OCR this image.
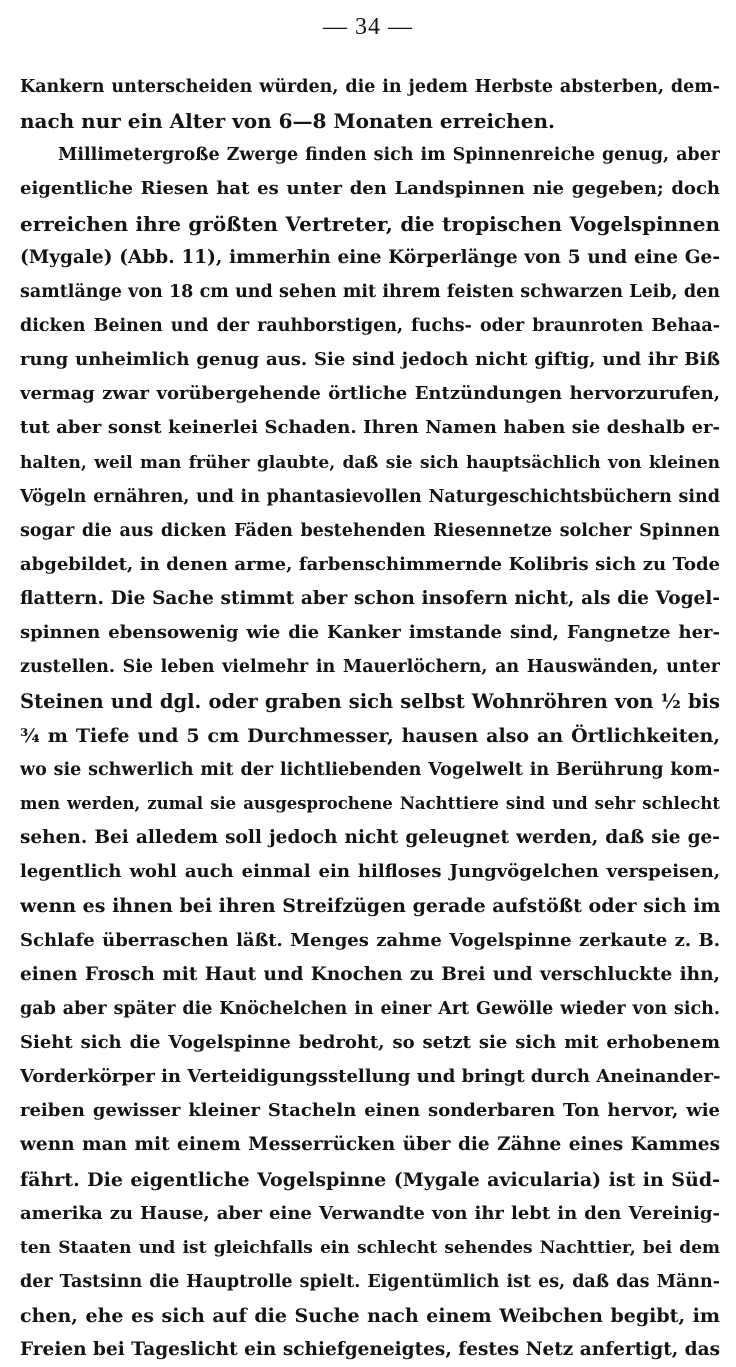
— 34 —
Kankern unterscheiden würden, die in jedem Herbste absterben, dem-
nach nur ein Alter von 6—8 Monaten erreichen.
Millimetergroße Zwerge finden sich im Spinnenreiche genug, aber
eigentliche Riesen hat es unter den Landspinnen nie gegeben; doch
erreichen ihre größten Vertreter, die tropischen Vogelspinnen
(Mygale) (Abb. 11), immerhin eine Körperlänge von 5 und eine Ge-
samtlänge von 18 cm und sehen mit ihrem feisten schwarzen Leib, den
dicken Beinen und der rauhborstigen, fuchs- oder braunroten Behaa-
rung unheimlich genug aus. Sie sind jedoch nicht giftig, und ihr Biß
vermag zwar vorübergehende örtliche Entzündungen hervorzurufen,
tut aber sonst keinerlei Schaden. Ihren Namen haben sie deshalb er-
halten, weil man früher glaubte, daß sie sich hauptsächlich von kleinen
Vögeln ernähren, und in phantasievollen Naturgeschichtsbüchern sind
sogar die aus dicken Fäden bestehenden Riesennetze solcher Spinnen
abgebildet, in denen arme, farbenschimmernde Kolibris sich zu Tode
flattern. Die Sache stimmt aber schon insofern nicht, als die Vogel-
spinnen ebensowenig wie die Kanker imstande sind, Fangnetze her-
zustellen. Sie leben vielmehr in Mauerlöchern, an Hauswänden, unter
Steinen und dgl. oder graben sich selbst Wohnröhren von ½ bis
¾ m Tiefe und 5 cm Durchmesser, hausen also an Örtlichkeiten,
wo sie schwerlich mit der lichtliebenden Vogelwelt in Berührung kom-
men werden, zumal sie ausgesprochene Nachttiere sind und sehr schlecht
sehen. Bei alledem soll jedoch nicht geleugnet werden, daß sie ge-
legentlich wohl auch einmal ein hilfloses Jungvögelchen verspeisen,
wenn es ihnen bei ihren Streifzügen gerade aufstößt oder sich im
Schlafe überraschen läßt. Menges zahme Vogelspinne zerkaute z. B.
einen Frosch mit Haut und Knochen zu Brei und verschluckte ihn,
gab aber später die Knöchelchen in einer Art Gewölle wieder von sich.
Sieht sich die Vogelspinne bedroht, so setzt sie sich mit erhobenem
Vorderkörper in Verteidigungsstellung und bringt durch Aneinander-
reiben gewisser kleiner Stacheln einen sonderbaren Ton hervor, wie
wenn man mit einem Messerrücken über die Zähne eines Kammes
fährt. Die eigentliche Vogelspinne (Mygale avicularia) ist in Süd-
amerika zu Hause, aber eine Verwandte von ihr lebt in den Vereinig-
ten Staaten und ist gleichfalls ein schlecht sehendes Nachttier, bei dem
der Tastsinn die Hauptrolle spielt. Eigentümlich ist es, daß das Männ-
chen, ehe es sich auf die Suche nach einem Weibchen begibt, im
Freien bei Tageslicht ein schiefgeneigtes, festes Netz anfertigt, das
